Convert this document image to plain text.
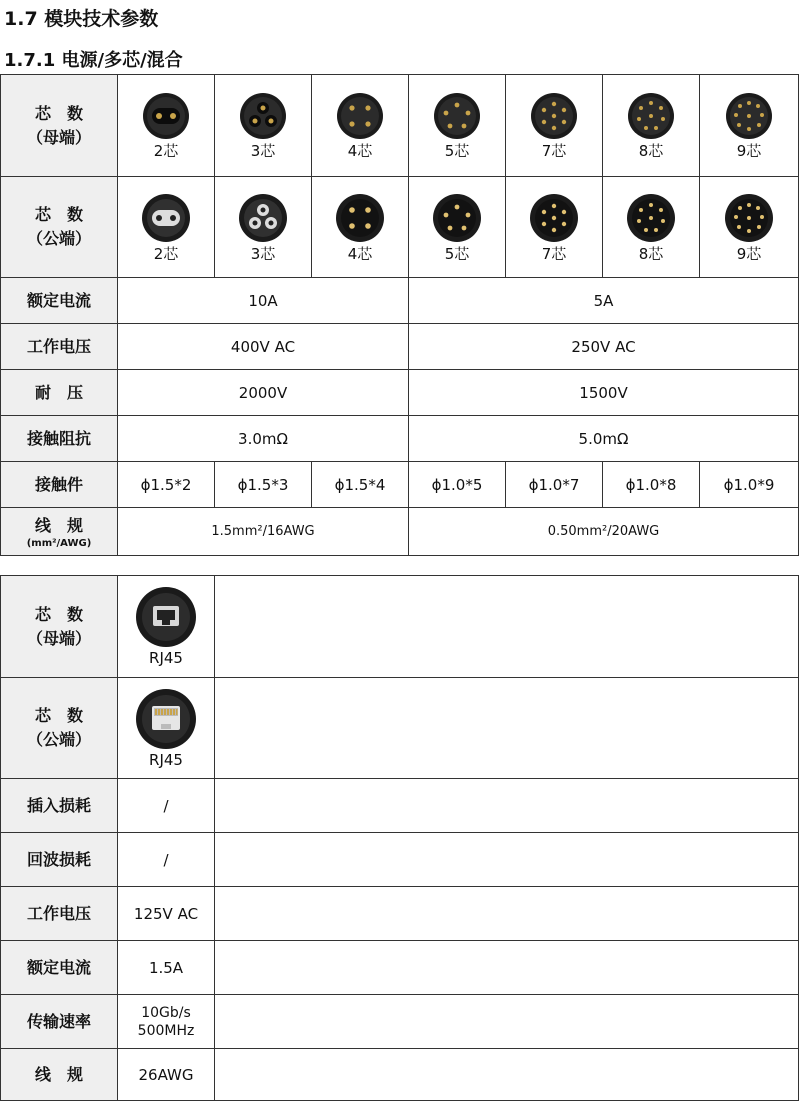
1.7 模块技术参数
1.7.1 电源/多芯/混合
芯　数
（母端）	2芯	3芯	4芯	5芯	7芯	8芯	9芯

芯　数
（公端）	2芯	3芯	4芯	5芯	7芯	8芯	9芯

额定电流	10A			5A			
工作电压	400V AC			250V AC			
耐　压	2000V			1500V			
接触阻抗	3.0mΩ			5.0mΩ			
接触件	ϕ1.5*2	ϕ1.5*3	ϕ1.5*4	ϕ1.0*5	ϕ1.0*7	ϕ1.0*8	ϕ1.0*9
线　规
(mm²/AWG)	1.5mm²/16AWG			0.50mm²/20AWG			
芯　数
（母端）	RJ45	

芯　数
（公端）	RJ45	

插入损耗	/	
回波损耗	/	
工作电压	125V AC	
额定电流	1.5A	
传输速率	10Gb/s
500MHz	

线　规	26AWG	
